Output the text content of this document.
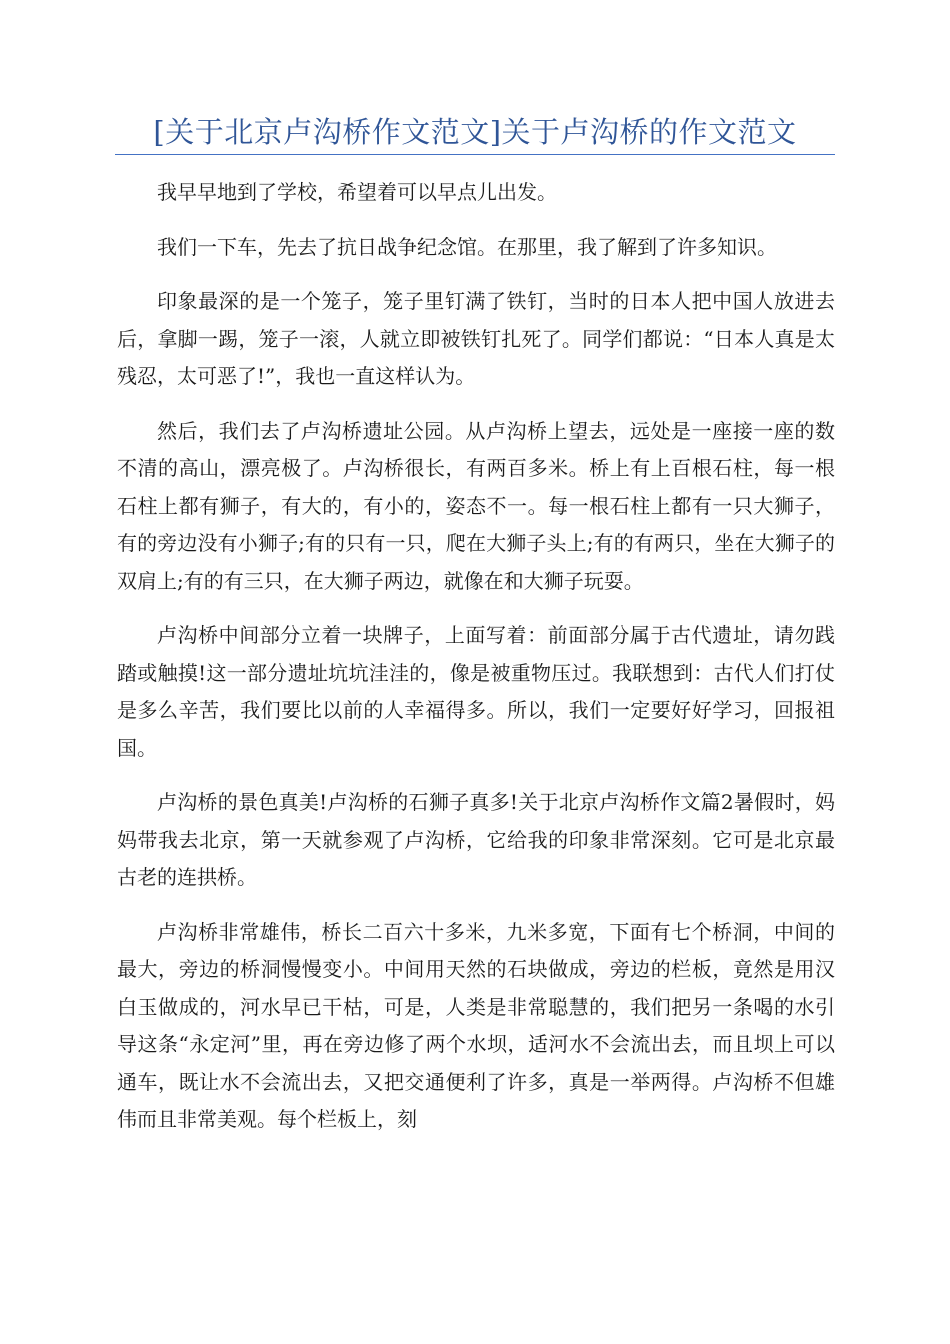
[关于北京卢沟桥作文范文]关于卢沟桥的作文范文

我早早地到了学校，希望着可以早点儿出发。

我们一下车，先去了抗日战争纪念馆。在那里，我了解到了许多知识。

印象最深的是一个笼子，笼子里钉满了铁钉，当时的日本人把中国人放进去后，拿脚一踢，笼子一滚，人就立即被铁钉扎死了。同学们都说：“日本人真是太残忍，太可恶了!”，我也一直这样认为。

然后，我们去了卢沟桥遗址公园。从卢沟桥上望去，远处是一座接一座的数不清的高山，漂亮极了。卢沟桥很长，有两百多米。桥上有上百根石柱，每一根石柱上都有狮子，有大的，有小的，姿态不一。每一根石柱上都有一只大狮子，有的旁边没有小狮子;有的只有一只，爬在大狮子头上;有的有两只，坐在大狮子的双肩上;有的有三只，在大狮子两边，就像在和大狮子玩耍。

卢沟桥中间部分立着一块牌子，上面写着：前面部分属于古代遗址，请勿践踏或触摸!这一部分遗址坑坑洼洼的，像是被重物压过。我联想到：古代人们打仗是多么辛苦，我们要比以前的人幸福得多。所以，我们一定要好好学习，回报祖国。

卢沟桥的景色真美!卢沟桥的石狮子真多!关于北京卢沟桥作文篇2暑假时，妈妈带我去北京，第一天就参观了卢沟桥，它给我的印象非常深刻。它可是北京最古老的连拱桥。

卢沟桥非常雄伟，桥长二百六十多米，九米多宽，下面有七个桥洞，中间的最大，旁边的桥洞慢慢变小。中间用天然的石块做成，旁边的栏板，竟然是用汉白玉做成的，河水早已干枯，可是，人类是非常聪慧的，我们把另一条喝的水引导这条“永定河”里，再在旁边修了两个水坝，适河水不会流出去，而且坝上可以通车，既让水不会流出去，又把交通便利了许多，真是一举两得。卢沟桥不但雄伟而且非常美观。每个栏板上，刻
